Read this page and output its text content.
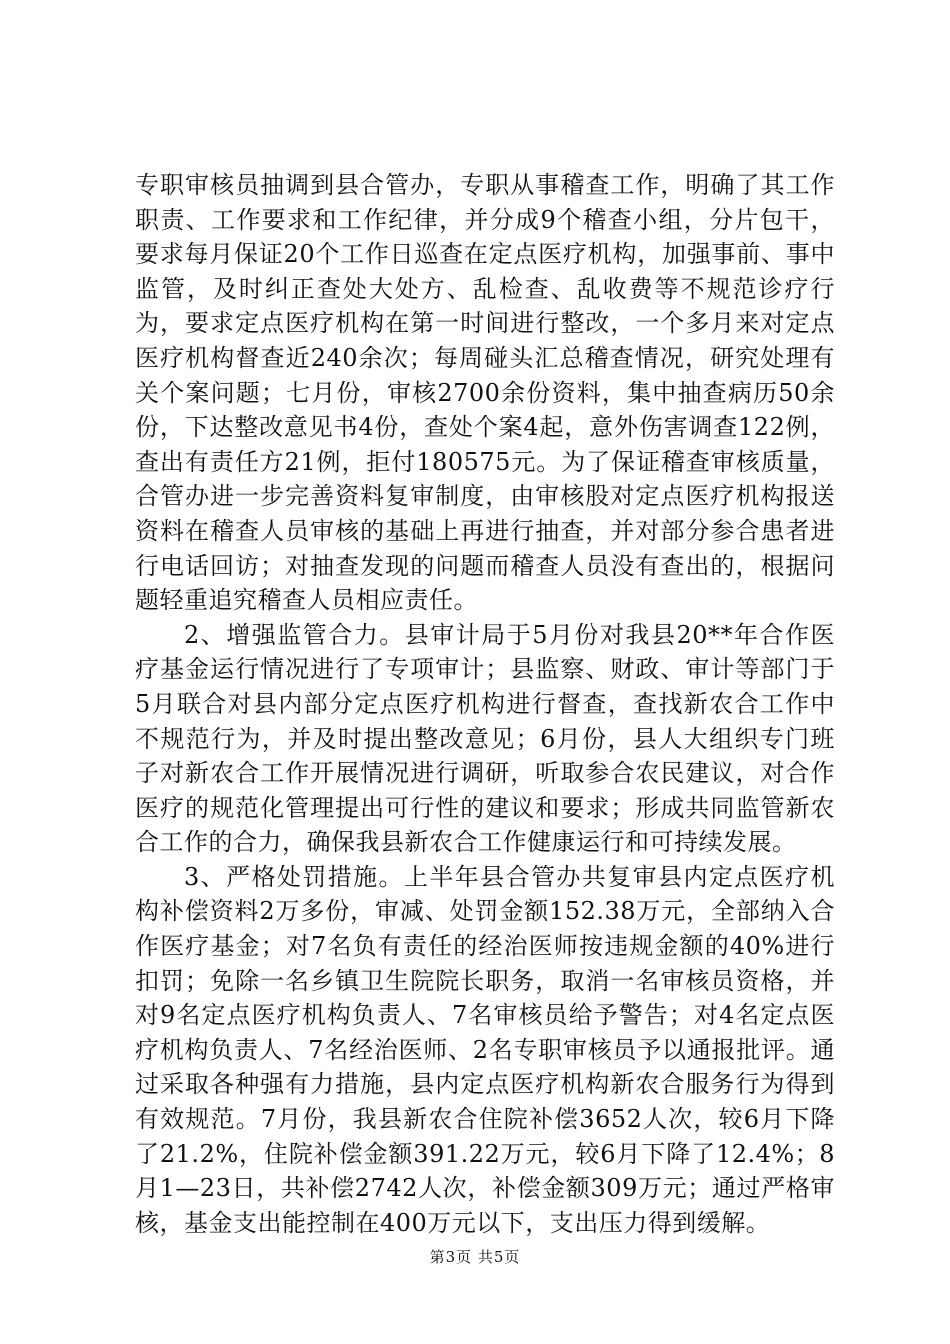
专职审核员抽调到县合管办，专职从事稽查工作，明确了其工作职责、工作要求和工作纪律，并分成9个稽查小组，分片包干，要求每月保证20个工作日巡查在定点医疗机构，加强事前、事中监管，及时纠正查处大处方、乱检查、乱收费等不规范诊疗行为，要求定点医疗机构在第一时间进行整改，一个多月来对定点医疗机构督查近240余次；每周碰头汇总稽查情况，研究处理有关个案问题；七月份，审核2700余份资料，集中抽查病历50余份，下达整改意见书4份，查处个案4起，意外伤害调查122例，查出有责任方21例，拒付180575元。为了保证稽查审核质量，合管办进一步完善资料复审制度，由审核股对定点医疗机构报送资料在稽查人员审核的基础上再进行抽查，并对部分参合患者进行电话回访；对抽查发现的问题而稽查人员没有查出的，根据问题轻重追究稽查人员相应责任。

2、增强监管合力。县审计局于5月份对我县20**年合作医疗基金运行情况进行了专项审计；县监察、财政、审计等部门于5月联合对县内部分定点医疗机构进行督查，查找新农合工作中不规范行为，并及时提出整改意见；6月份，县人大组织专门班子对新农合工作开展情况进行调研，听取参合农民建议，对合作医疗的规范化管理提出可行性的建议和要求；形成共同监管新农合工作的合力，确保我县新农合工作健康运行和可持续发展。

3、严格处罚措施。上半年县合管办共复审县内定点医疗机构补偿资料2万多份，审减、处罚金额152.38万元，全部纳入合作医疗基金；对7名负有责任的经治医师按违规金额的40%进行扣罚；免除一名乡镇卫生院院长职务，取消一名审核员资格，并对9名定点医疗机构负责人、7名审核员给予警告；对4名定点医疗机构负责人、7名经治医师、2名专职审核员予以通报批评。通过采取各种强有力措施，县内定点医疗机构新农合服务行为得到有效规范。7月份，我县新农合住院补偿3652人次，较6月下降了21.2%，住院补偿金额391.22万元，较6月下降了12.4%；8月1—23日，共补偿2742人次，补偿金额309万元；通过严格审核，基金支出能控制在400万元以下，支出压力得到缓解。

第3页 共5页
